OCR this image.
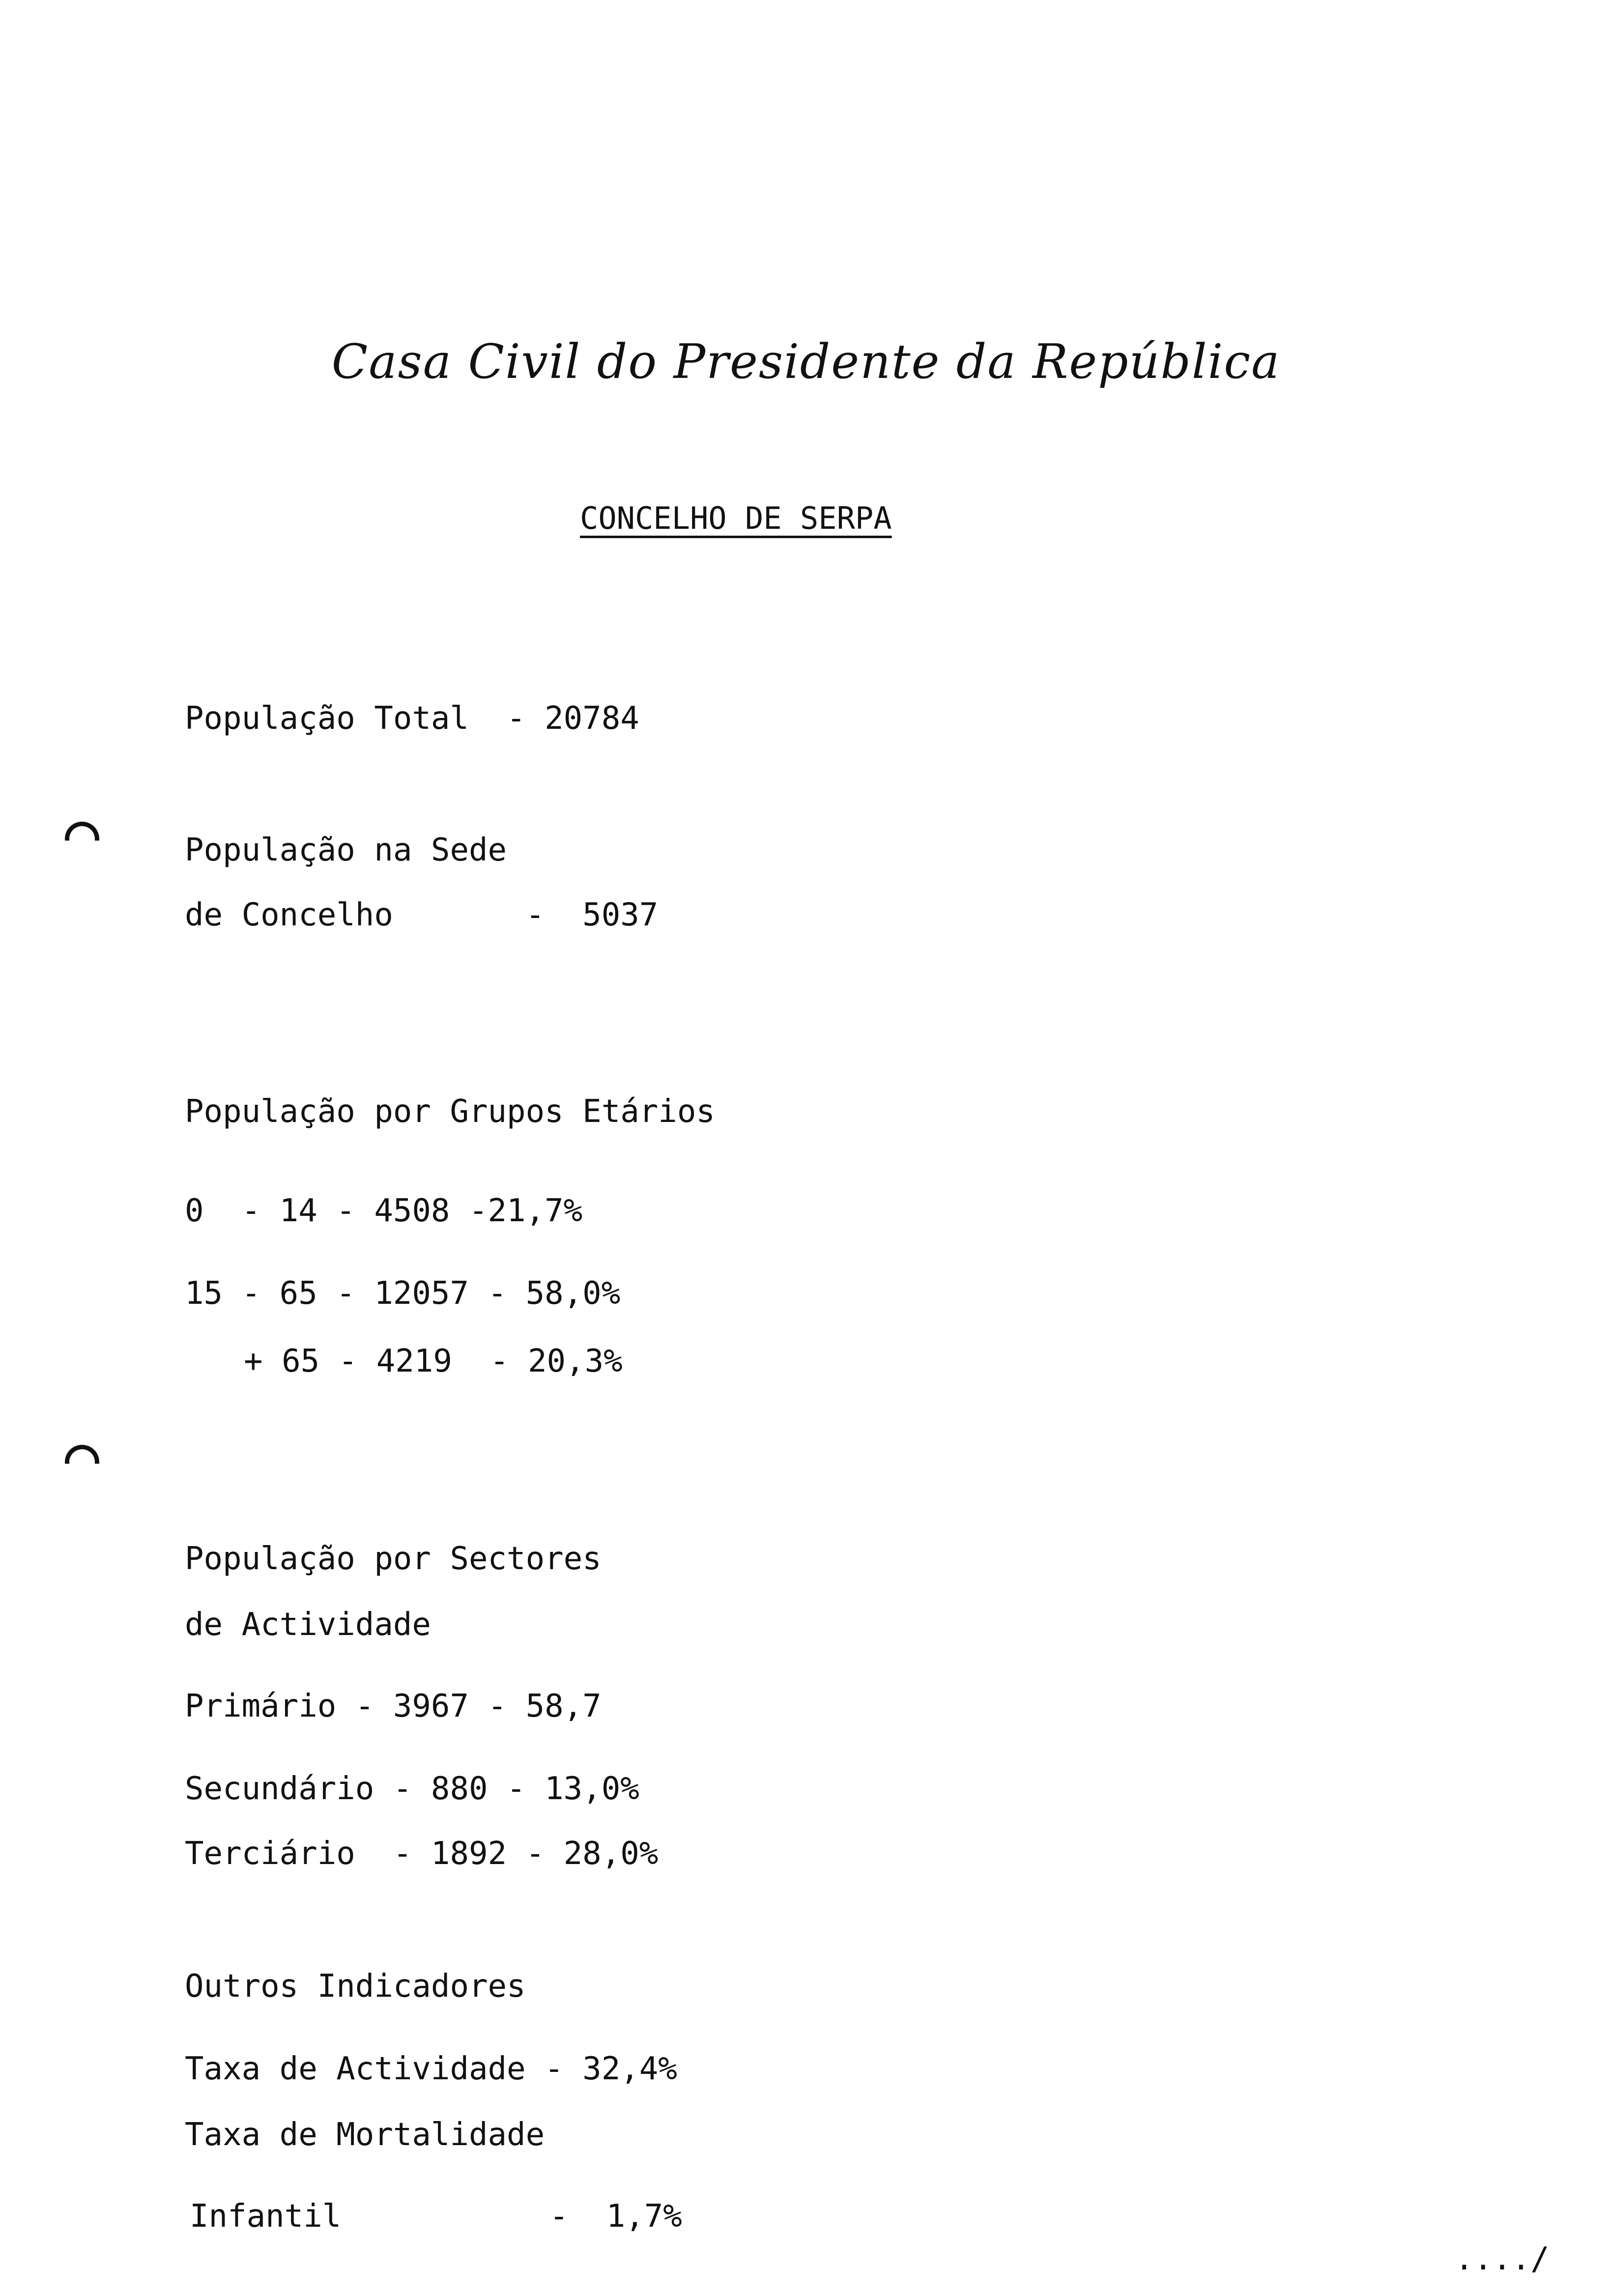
Casa Civil do Presidente da República
CONCELHO DE SERPA
População Total  - 20784
População na Sede
de Concelho       -  5037
População por Grupos Etários
0  - 14 - 4508 -21,7%
15 - 65 - 12057 - 58,0%
+ 65 - 4219  - 20,3%
População por Sectores
de Actividade
Primário - 3967 - 58,7
Secundário - 880 - 13,0%
Terciário  - 1892 - 28,0%
Outros Indicadores
Taxa de Actividade - 32,4%
Taxa de Mortalidade
Infantil           -  1,7%
..../
